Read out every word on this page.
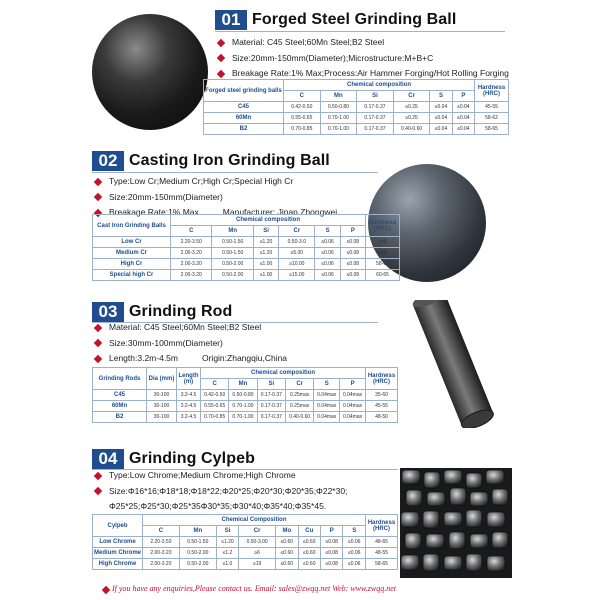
01 Forged Steel Grinding Ball
Material: C45 Steel;60Mn Steel;B2 Steel
Size:20mm-150mm(Diameter);Microstructure:M+B+C
Breakage Rate:1% Max;Process:Air Hammer Forging/Hot Rolling Forging
Forged steel grinding balls	Chemical composition						Hardness (HRC)
	C	Mn	Si	Cr	S	P	
C45	0.42-0.50	0.50-0.80	0.17-0.37	≤0.25	≤0.04	≤0.04	45-55
60Mn	0.55-0.65	0.70-1.00	0.17-0.37	≤0.25	≤0.04	≤0.04	58-62
B2	0.70-0.85	0.70-1.00	0.17-0.37	0.40-0.60	≤0.04	≤0.04	58-65
02 Casting Iron Grinding Ball
Type:Low Cr;Medium Cr;High Cr;Special High Cr
Size:20mm-150mm(Diameter)
Breakage Rate:1% Max	Manufacturer: Jinan Zhongwei
Cast Iron Grinding Balls	Chemical composition						Hardness (HRC)
	C	Mn	Si	Cr	S	P	
Low Cr	2.20-3.50	0.50-1.50	≤1.20	0.50-3.0	≤0.06	≤0.08	≥45
Medium Cr	2.00-3.20	0.50-1.50	≤1.20	≥5.00	≤0.06	≤0.08	≥48
High Cr	2.00-3.20	0.50-2.00	≤1.00	≥10.00	≤0.06	≤0.08	58-62
Special high Cr	2.00-3.20	0.50-2.00	≤1.00	≥15.00	≤0.06	≤0.08	60-65
03 Grinding Rod
Material: C45 Steel;60Mn Steel;B2 Steel
Size:30mm-100mm(Diameter)
Length:3.2m-4.5m	Origin:Zhangqiu,China
Grinding Rods	Dia (mm)	Length (m)	Chemical composition						Hardness (HRC)
			C	Mn	Si	Cr	S	P	
C45	30-100	3.2-4.5	0.42-0.50	0.50-0.80	0.17-0.37	0.25max	0.04max	0.04max	35-60
60Mn	30-100	3.2-4.5	0.55-0.65	0.70-1.00	0.17-0.37	0.25max	0.04max	0.04max	45-55
B2	30-100	3.2-4.5	0.70-0.85	0.70-1.00	0.17-0.37	0.40-0.60	0.04max	0.04max	48-50
04 Grinding Cylpeb
Type:Low Chrome;Medium Chrome;High Chrome
Size:Φ16*16;Φ18*18;Φ18*22;Φ20*25;Φ20*30;Φ20*35;Φ22*30;
Φ25*25;Φ25*30;Φ25*35Φ30*35;Φ30*40;Φ35*40;Φ35*45.
Cylpeb	Chemical Composition								Hardness (HRC)
	C	Mn	Si	Cr	Mo	Cu	P	S	
Low Chrome	2.20-3.50	0.50-1.50	≤1.20	0.50-3.00	≤0.60	≤0.60	≤0.08	≤0.06	48-65
Medium Chrome	2.00-3.20	0.50-2.00	≤1.2	≥6	≤0.60	≤0.60	≤0.08	≤0.06	48-55
High Chrome	2.00-3.20	0.50-2.00	≤1.0	≥19	≤0.60	≤0.60	≤0.08	≤0.06	58-65
If you have any enquiries,Please contact us. Email: sales@zwqq.net Web: www.zwqq.net
